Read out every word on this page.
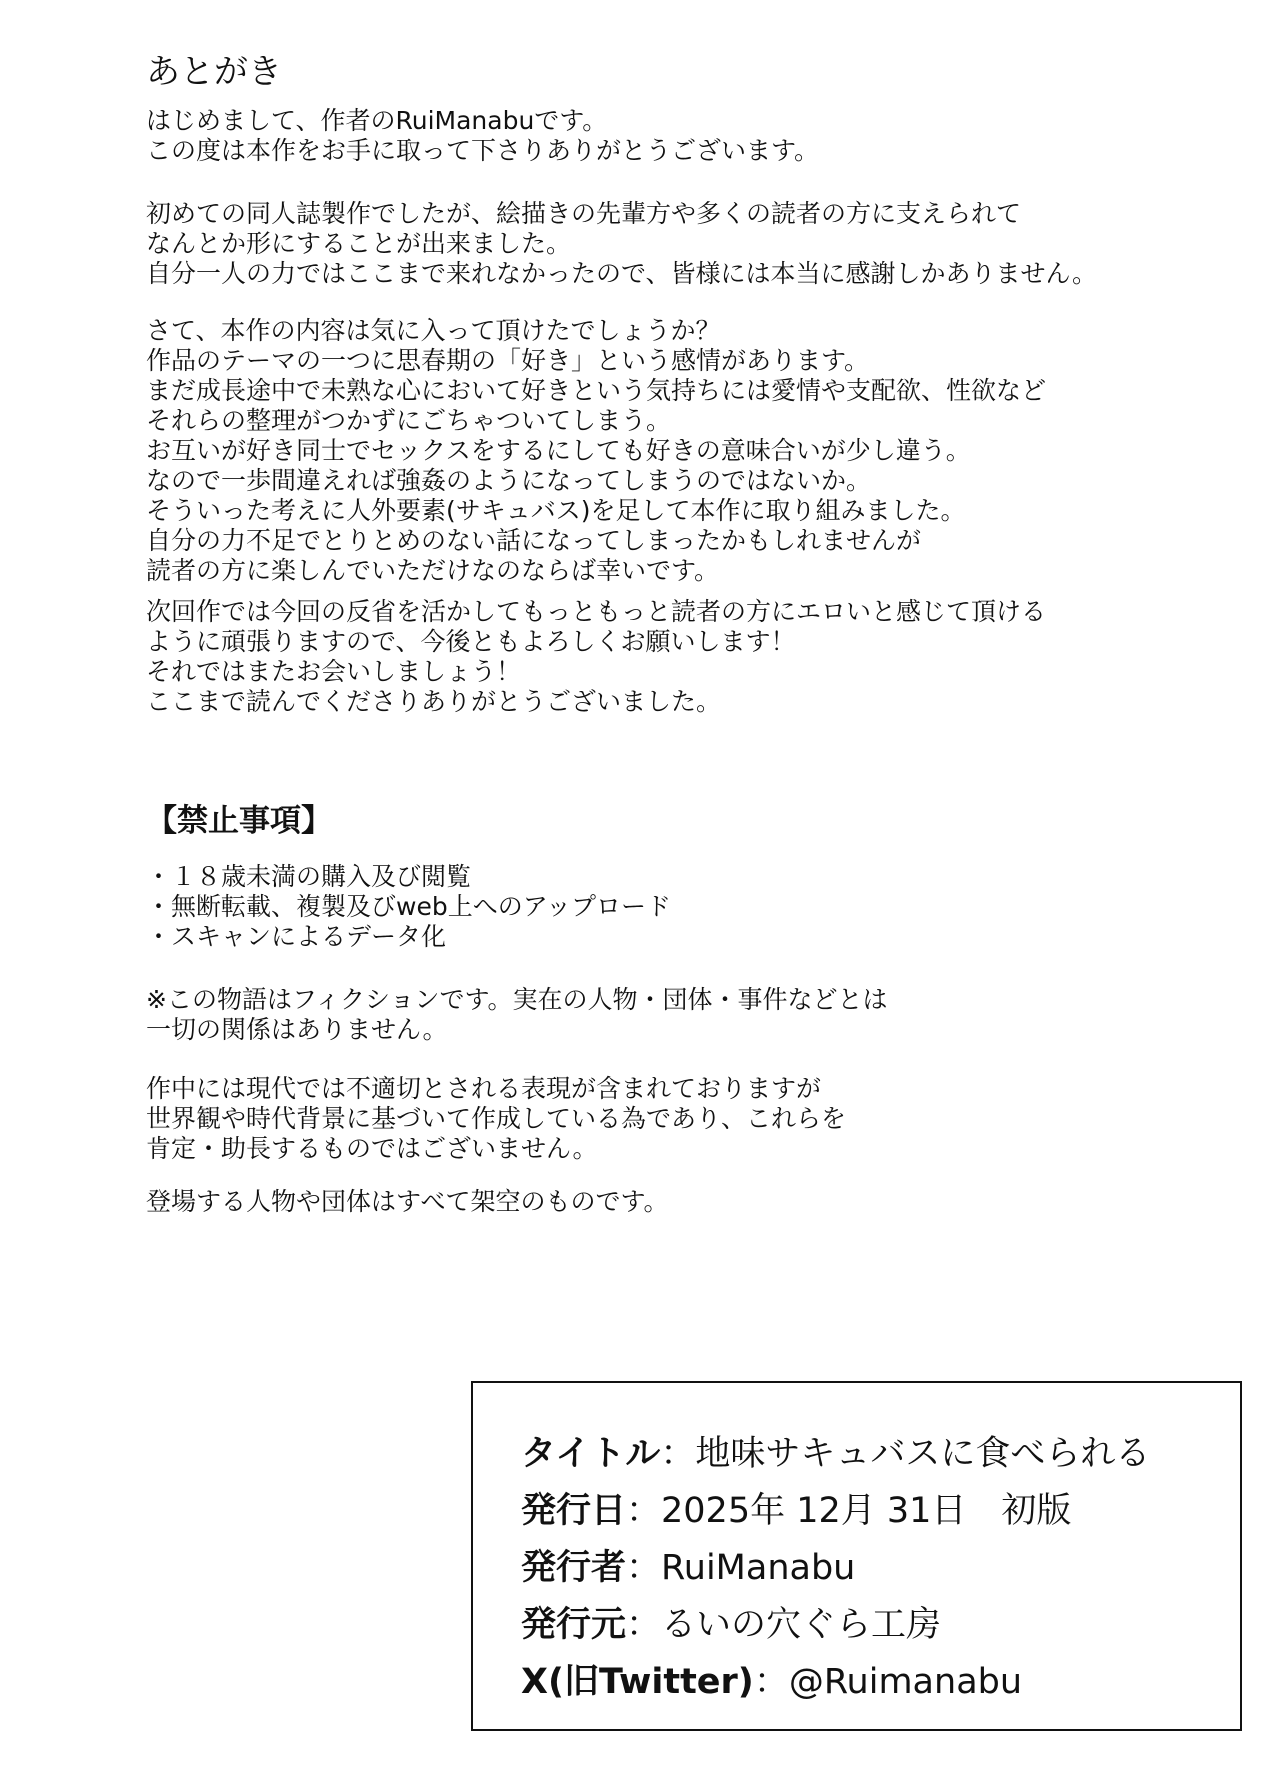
あとがき

はじめまして、作者のRuiManabuです。
この度は本作をお手に取って下さりありがとうございます。

初めての同人誌製作でしたが、絵描きの先輩方や多くの読者の方に支えられて
なんとか形にすることが出来ました。
自分一人の力ではここまで来れなかったので、皆様には本当に感謝しかありません。

さて、本作の内容は気に入って頂けたでしょうか？
作品のテーマの一つに思春期の「好き」という感情があります。
まだ成長途中で未熟な心において好きという気持ちには愛情や支配欲、性欲など
それらの整理がつかずにごちゃついてしまう。
お互いが好き同士でセックスをするにしても好きの意味合いが少し違う。
なので一歩間違えれば強姦のようになってしまうのではないか。
そういった考えに人外要素(サキュバス)を足して本作に取り組みました。
自分の力不足でとりとめのない話になってしまったかもしれませんが
読者の方に楽しんでいただけなのならば幸いです。

次回作では今回の反省を活かしてもっともっと読者の方にエロいと感じて頂ける
ように頑張りますので、今後ともよろしくお願いします！
それではまたお会いしましょう！
ここまで読んでくださりありがとうございました。

【禁止事項】
・１８歳未満の購入及び閲覧
・無断転載、複製及びweb上へのアップロード
・スキャンによるデータ化

※この物語はフィクションです。実在の人物・団体・事件などとは
一切の関係はありません。

作中には現代では不適切とされる表現が含まれておりますが
世界観や時代背景に基づいて作成している為であり、これらを
肯定・助長するものではございません。

登場する人物や団体はすべて架空のものです。

タイトル：地味サキュバスに食べられる
発行日：2025年 12月 31日　初版
発行者：RuiManabu
発行元：るいの穴ぐら工房
X(旧Twitter)：@Ruimanabu
